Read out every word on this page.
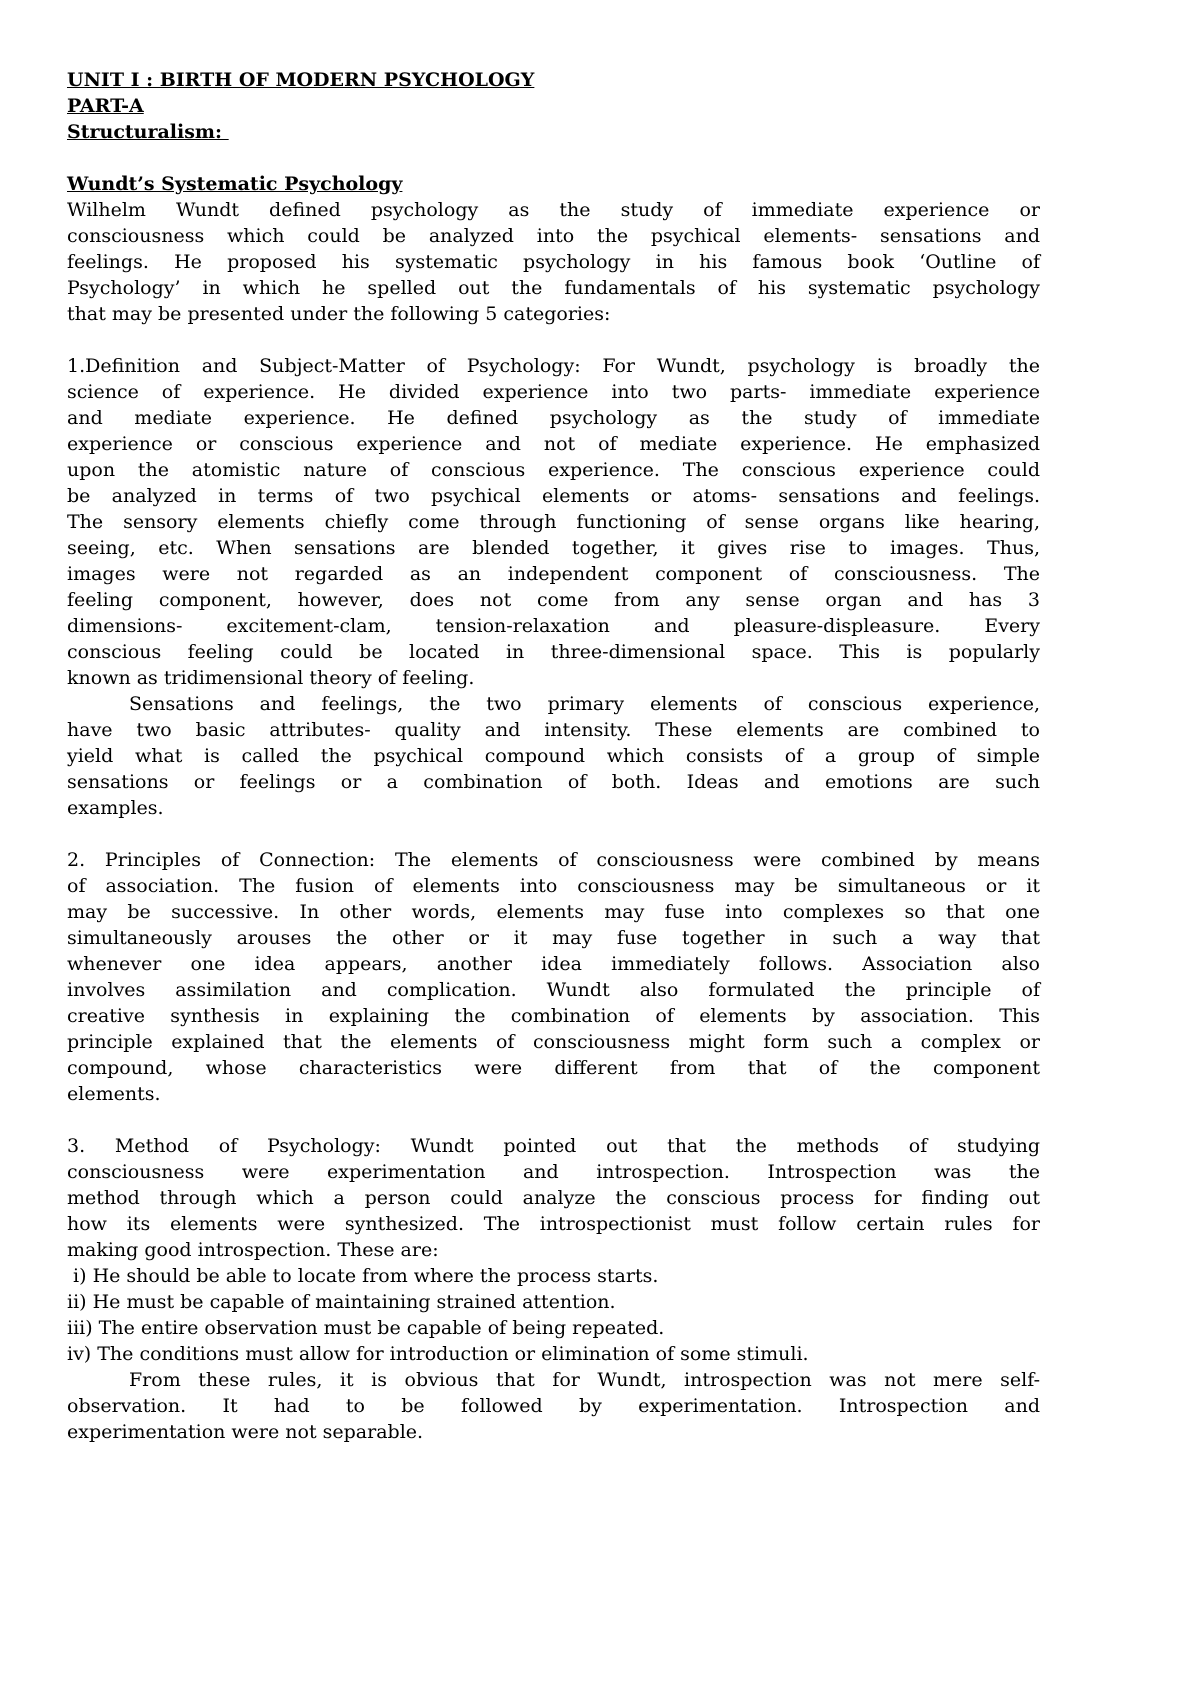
UNIT I : BIRTH OF MODERN PSYCHOLOGY
PART-A
Structuralism:
Wundt’s Systematic Psychology
Wilhelm Wundt defined psychology as the study of immediate experience or
consciousness which could be analyzed into the psychical elements- sensations and
feelings. He proposed his systematic psychology in his famous book ‘Outline of
Psychology’ in which he spelled out the fundamentals of his systematic psychology
that may be presented under the following 5 categories:
1.Definition and Subject-Matter of Psychology: For Wundt, psychology is broadly the
science of experience. He divided experience into two parts- immediate experience
and mediate experience. He defined psychology as the study of immediate
experience or conscious experience and not of mediate experience. He emphasized
upon the atomistic nature of conscious experience. The conscious experience could
be analyzed in terms of two psychical elements or atoms- sensations and feelings.
The sensory elements chiefly come through functioning of sense organs like hearing,
seeing, etc. When sensations are blended together, it gives rise to images. Thus,
images were not regarded as an independent component of consciousness. The
feeling component, however, does not come from any sense organ and has 3
dimensions- excitement-clam, tension-relaxation and pleasure-displeasure. Every
conscious feeling could be located in three-dimensional space. This is popularly
known as tridimensional theory of feeling.
Sensations and feelings, the two primary elements of conscious experience,
have two basic attributes- quality and intensity. These elements are combined to
yield what is called the psychical compound which consists of a group of simple
sensations or feelings or a combination of both. Ideas and emotions are such
examples.
2. Principles of Connection: The elements of consciousness were combined by means
of association. The fusion of elements into consciousness may be simultaneous or it
may be successive. In other words, elements may fuse into complexes so that one
simultaneously arouses the other or it may fuse together in such a way that
whenever one idea appears, another idea immediately follows. Association also
involves assimilation and complication. Wundt also formulated the principle of
creative synthesis in explaining the combination of elements by association. This
principle explained that the elements of consciousness might form such a complex or
compound, whose characteristics were different from that of the component
elements.
3. Method of Psychology: Wundt pointed out that the methods of studying
consciousness were experimentation and introspection. Introspection was the
method through which a person could analyze the conscious process for finding out
how its elements were synthesized. The introspectionist must follow certain rules for
making good introspection. These are:
i) He should be able to locate from where the process starts.
ii) He must be capable of maintaining strained attention.
iii) The entire observation must be capable of being repeated.
iv) The conditions must allow for introduction or elimination of some stimuli.
From these rules, it is obvious that for Wundt, introspection was not mere self-
observation. It had to be followed by experimentation. Introspection and
experimentation were not separable.
